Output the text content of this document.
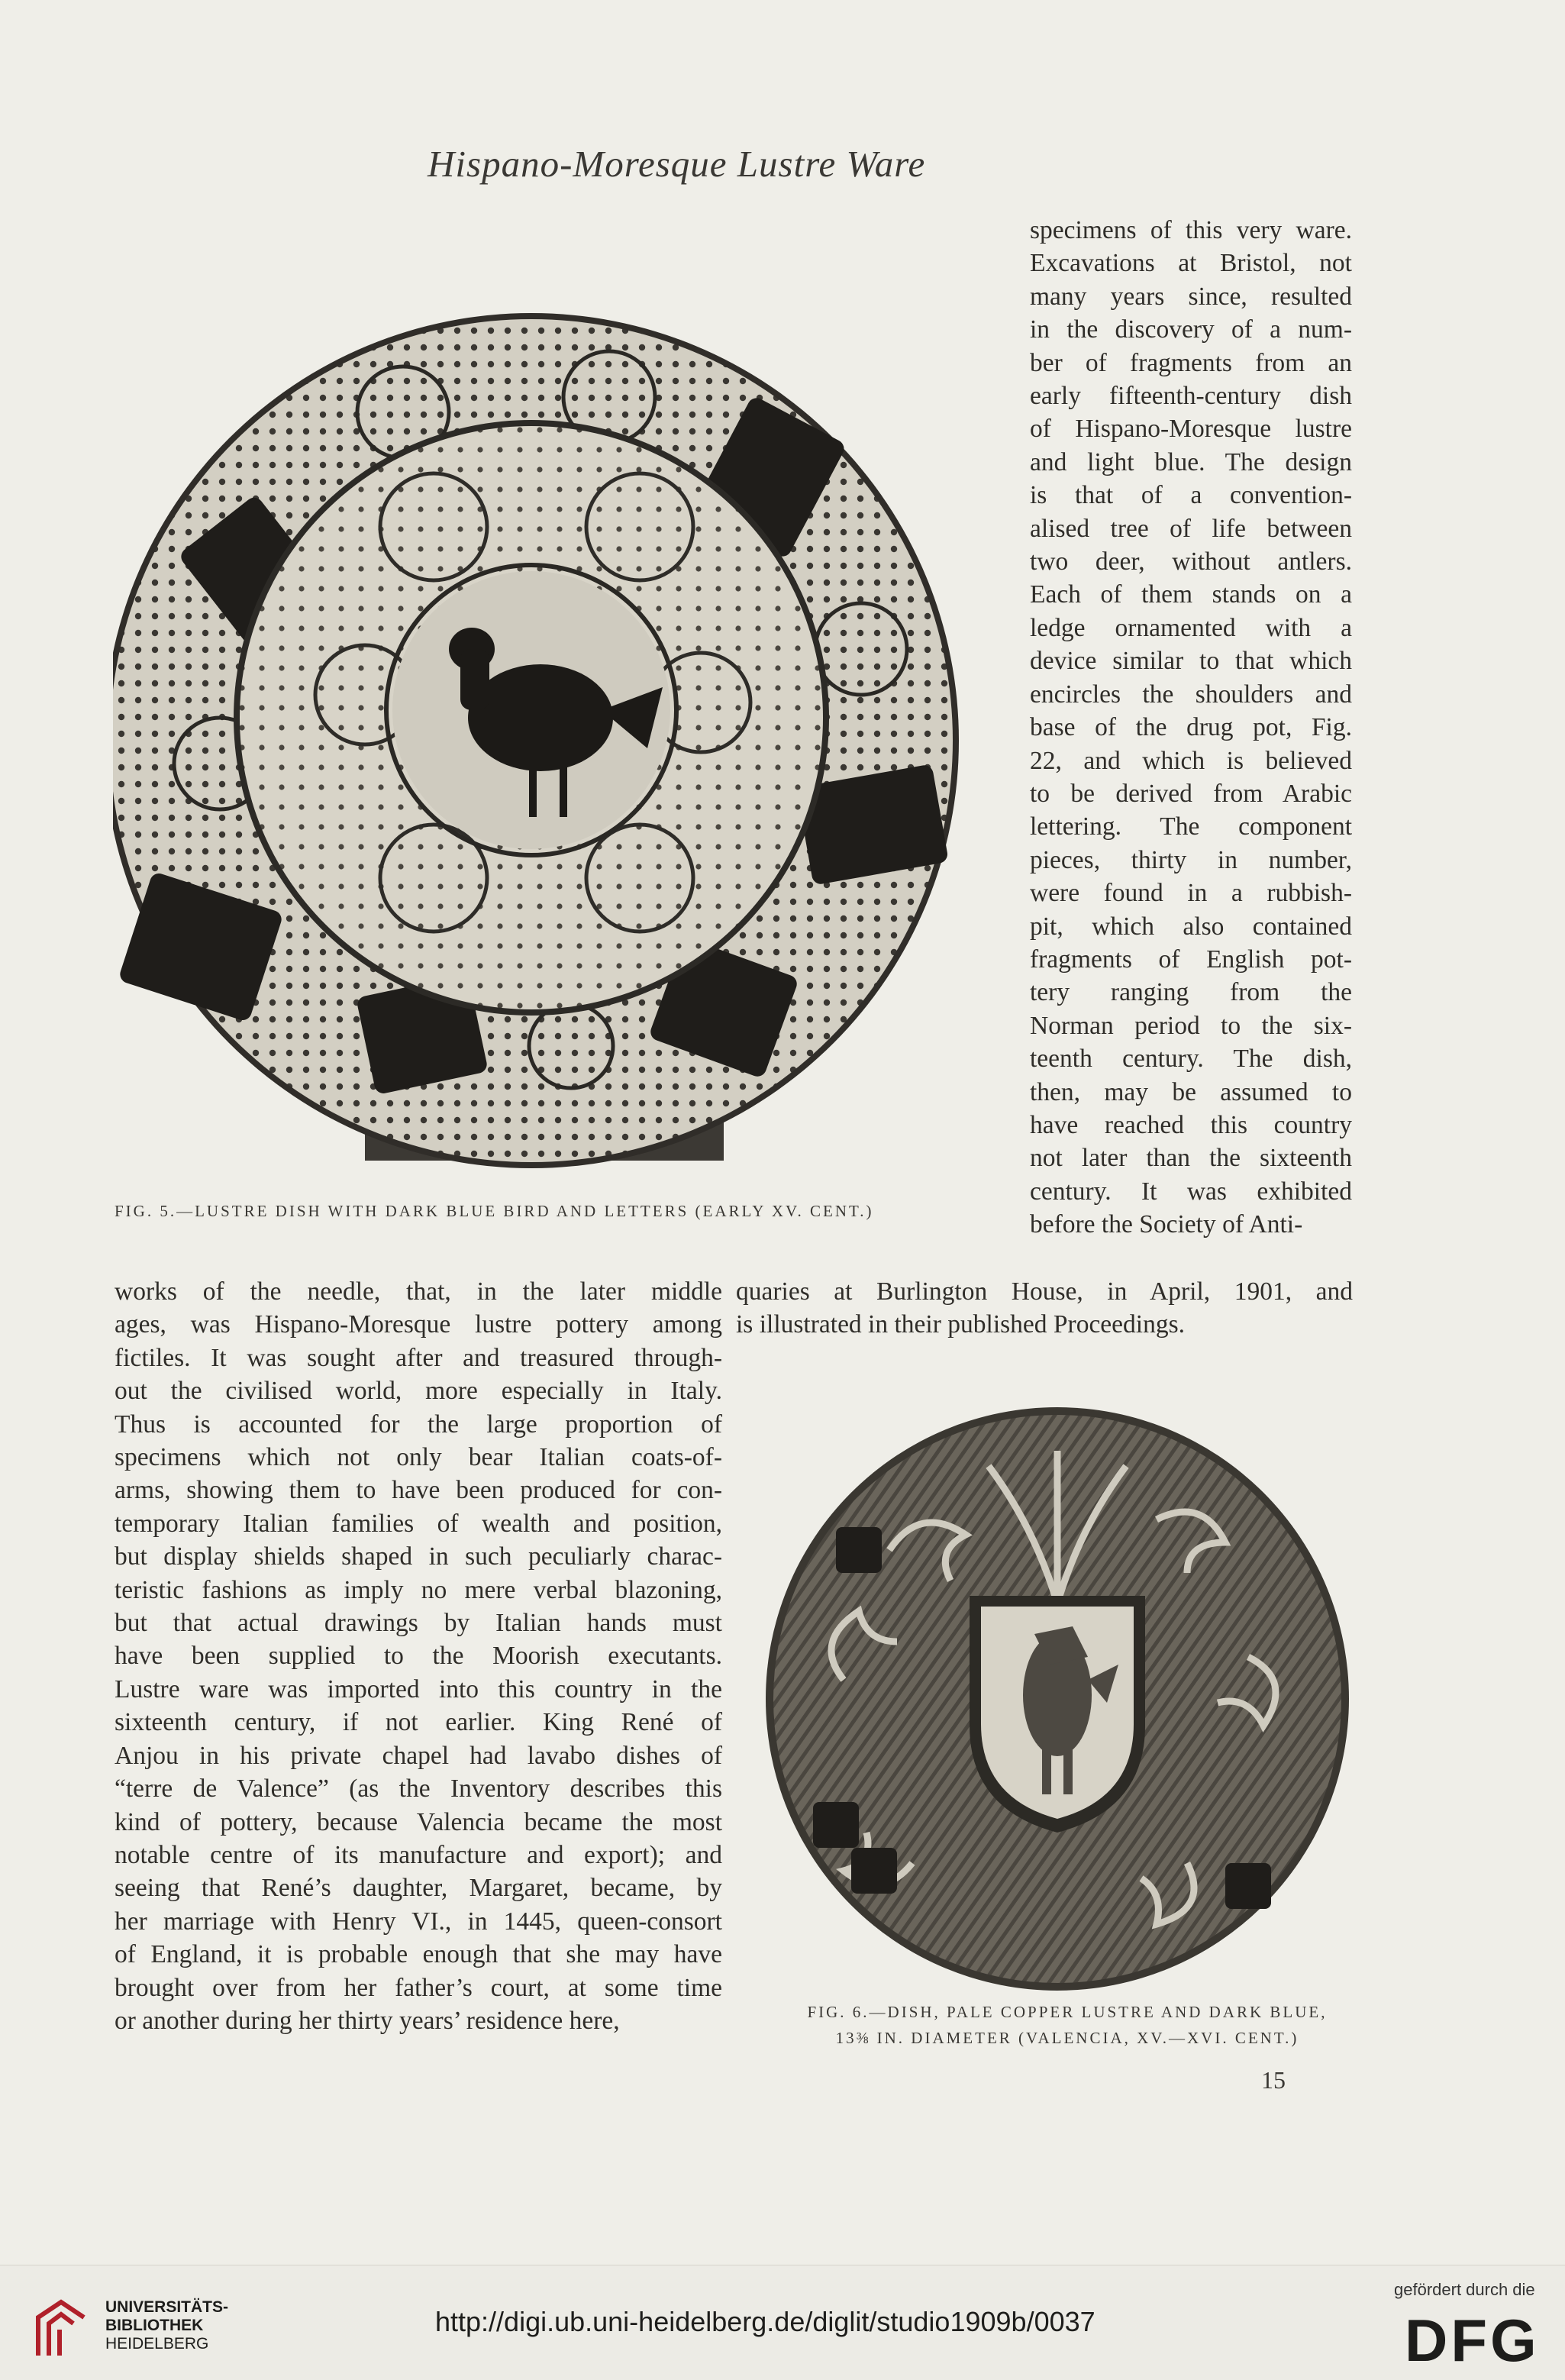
Hispano-Moresque Lustre Ware
FIG. 5.—LUSTRE DISH WITH DARK BLUE BIRD AND LETTERS (EARLY XV. CENT.)
specimens of this very ware.
Excavations at Bristol, not
many years since, resulted
in the discovery of a num-
ber of fragments from an
early fifteenth-century dish
of Hispano-Moresque lustre
and light blue. The design
is that of a convention-
alised tree of life between
two deer, without antlers.
Each of them stands on a
ledge ornamented with a
device similar to that which
encircles the shoulders and
base of the drug pot, Fig.
22, and which is believed
to be derived from Arabic
lettering. The component
pieces, thirty in number,
were found in a rubbish-
pit, which also contained
fragments of English pot-
tery ranging from the
Norman period to the six-
teenth century. The dish,
then, may be assumed to
have reached this country
not later than the sixteenth
century. It was exhibited
before the Society of Anti-
quaries at Burlington House, in April, 1901, and
is illustrated in their published Proceedings.
works of the needle, that, in the later middle
ages, was Hispano-Moresque lustre pottery among
fictiles. It was sought after and treasured through-
out the civilised world, more especially in Italy.
Thus is accounted for the large proportion of
specimens which not only bear Italian coats-of-
arms, showing them to have been produced for con-
temporary Italian families of wealth and position,
but display shields shaped in such peculiarly charac-
teristic fashions as imply no mere verbal blazoning,
but that actual drawings by Italian hands must
have been supplied to the Moorish executants.
Lustre ware was imported into this country in the
sixteenth century, if not earlier. King René of
Anjou in his private chapel had lavabo dishes of
“terre de Valence” (as the Inventory describes this
kind of pottery, because Valencia became the most
notable centre of its manufacture and export); and
seeing that René’s daughter, Margaret, became, by
her marriage with Henry VI., in 1445, queen-consort
of England, it is probable enough that she may have
brought over from her father’s court, at some time
or another during her thirty years’ residence here,	FIG. 6.—DISH, PALE COPPER LUSTRE AND DARK BLUE,
13⅜ IN. DIAMETER (VALENCIA, XV.—XVI. CENT.)
15
UNIVERSITÄTS-
BIBLIOTHEK
HEIDELBERG
http://digi.ub.uni-heidelberg.de/diglit/studio1909b/0037
gefördert durch die
DFG
